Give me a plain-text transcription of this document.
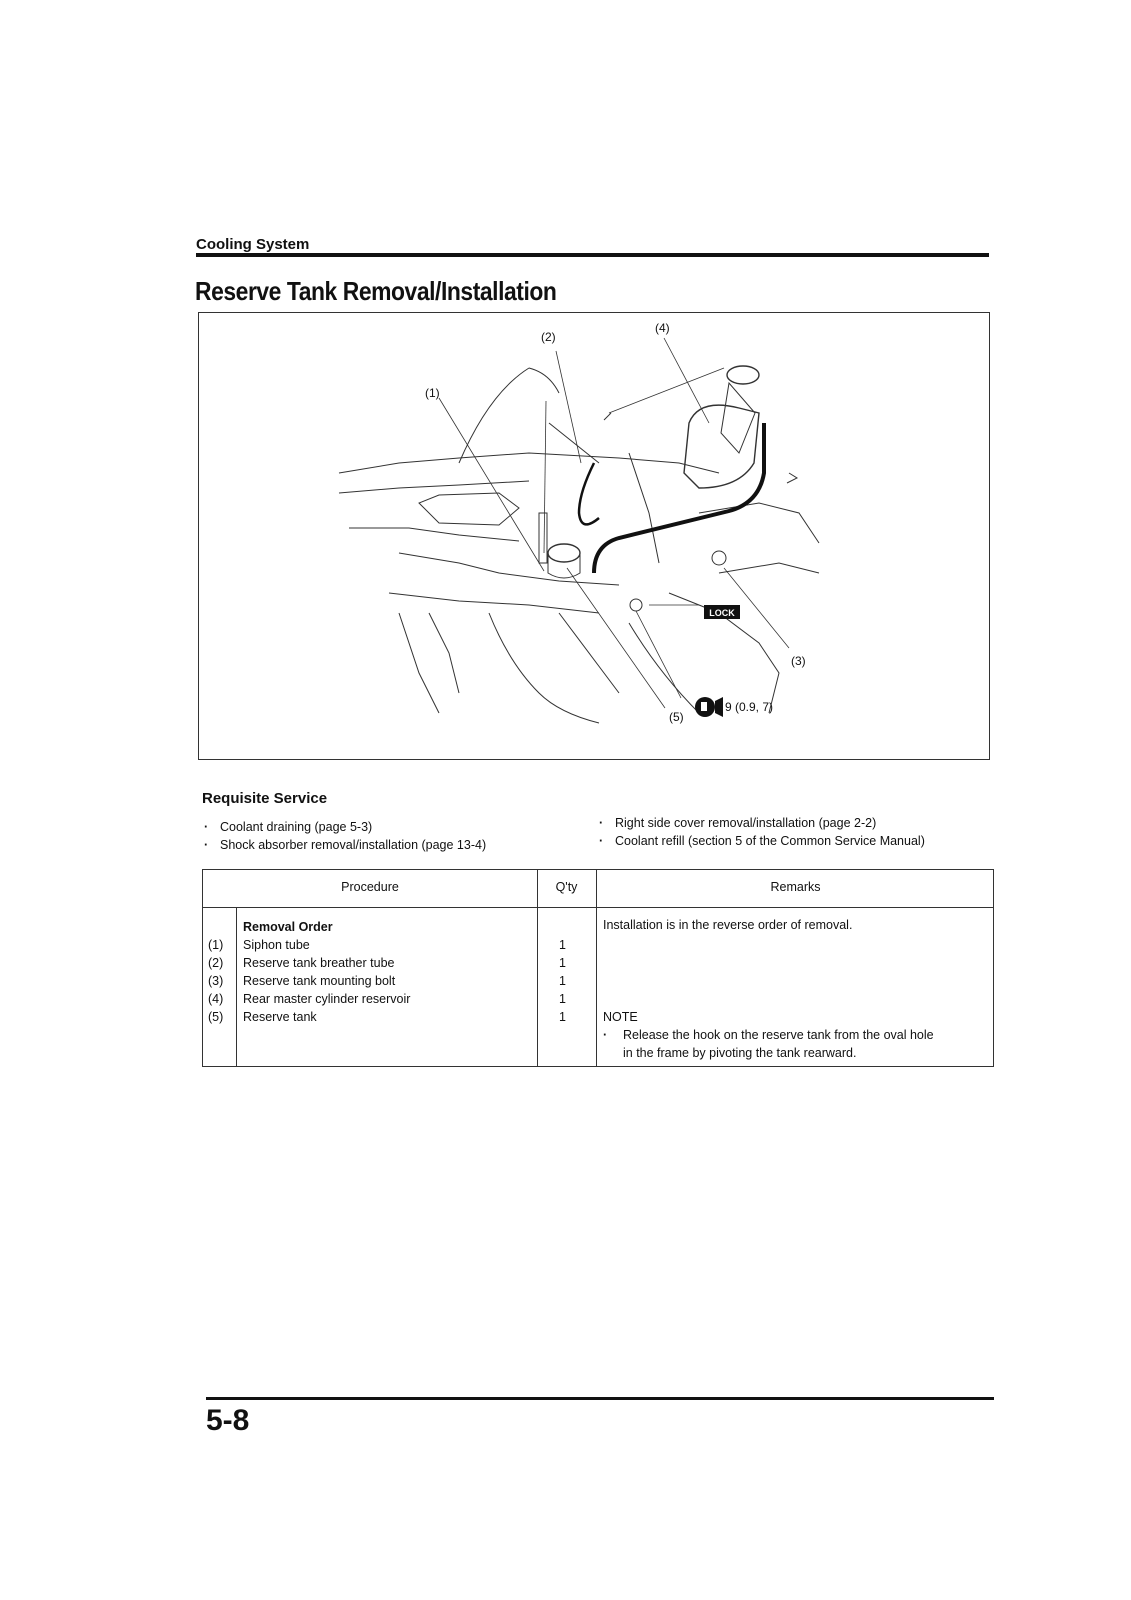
Cooling System
Reserve Tank Removal/Installation
LOCK
(1)
(2)
(3)
(4)
(5)
9 (0.9, 7)
Requisite Service
· Coolant draining (page 5-3)
· Shock absorber removal/installation (page 13-4)
· Right side cover removal/installation (page 2-2)
· Coolant refill (section 5 of the Common Service Manual)
Procedure	Q'ty	Remarks
Removal Order
(1) Siphon tube	1
(2) Reserve tank breather tube	1
(3) Reserve tank mounting bolt	1
(4) Rear master cylinder reservoir	1
(5) Reserve tank	1
Installation is in the reverse order of removal.
NOTE
·	Release the hook on the reserve tank from the oval hole
in the frame by pivoting the tank rearward.
5-8
